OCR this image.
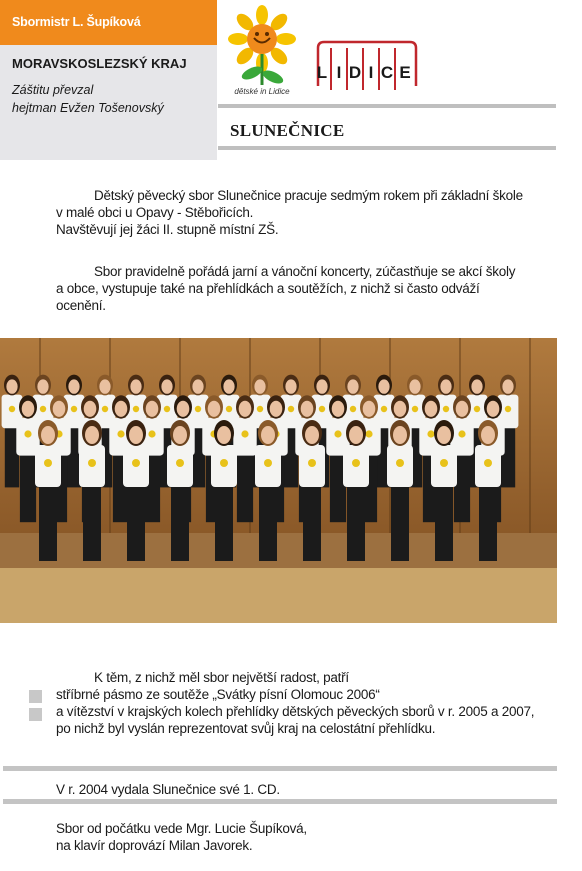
Sbormistr L. Šupíková
MORAVSKOSLEZSKÝ KRAJ
Záštitu převzal
hejtman Evžen Tošenovský
dětské in Lidice
L I D I C E
SLUNEČNICE
Dětský pěvecký sbor Slunečnice pracuje sedmým rokem při základní škole
v malé obci u Opavy - Stěbořicích.
Navštěvují jej žáci II. stupně místní ZŠ.
Sbor pravidelně pořádá jarní a vánoční koncerty, zúčastňuje se akcí školy
a obce, vystupuje také na přehlídkách a soutěžích, z nichž si často odváží
ocenění.
K těm, z nichž měl sbor největší radost, patří
stříbrné pásmo ze soutěže „Svátky písní Olomouc 2006“
a vítězství v krajských kolech přehlídky dětských pěveckých sborů v r. 2005 a 2007,
po nichž byl vyslán reprezentovat svůj kraj na celostátní přehlídku.
V r. 2004 vydala Slunečnice své 1. CD.
Sbor od počátku vede Mgr. Lucie Šupíková,
na klavír doprovází Milan Javorek.
